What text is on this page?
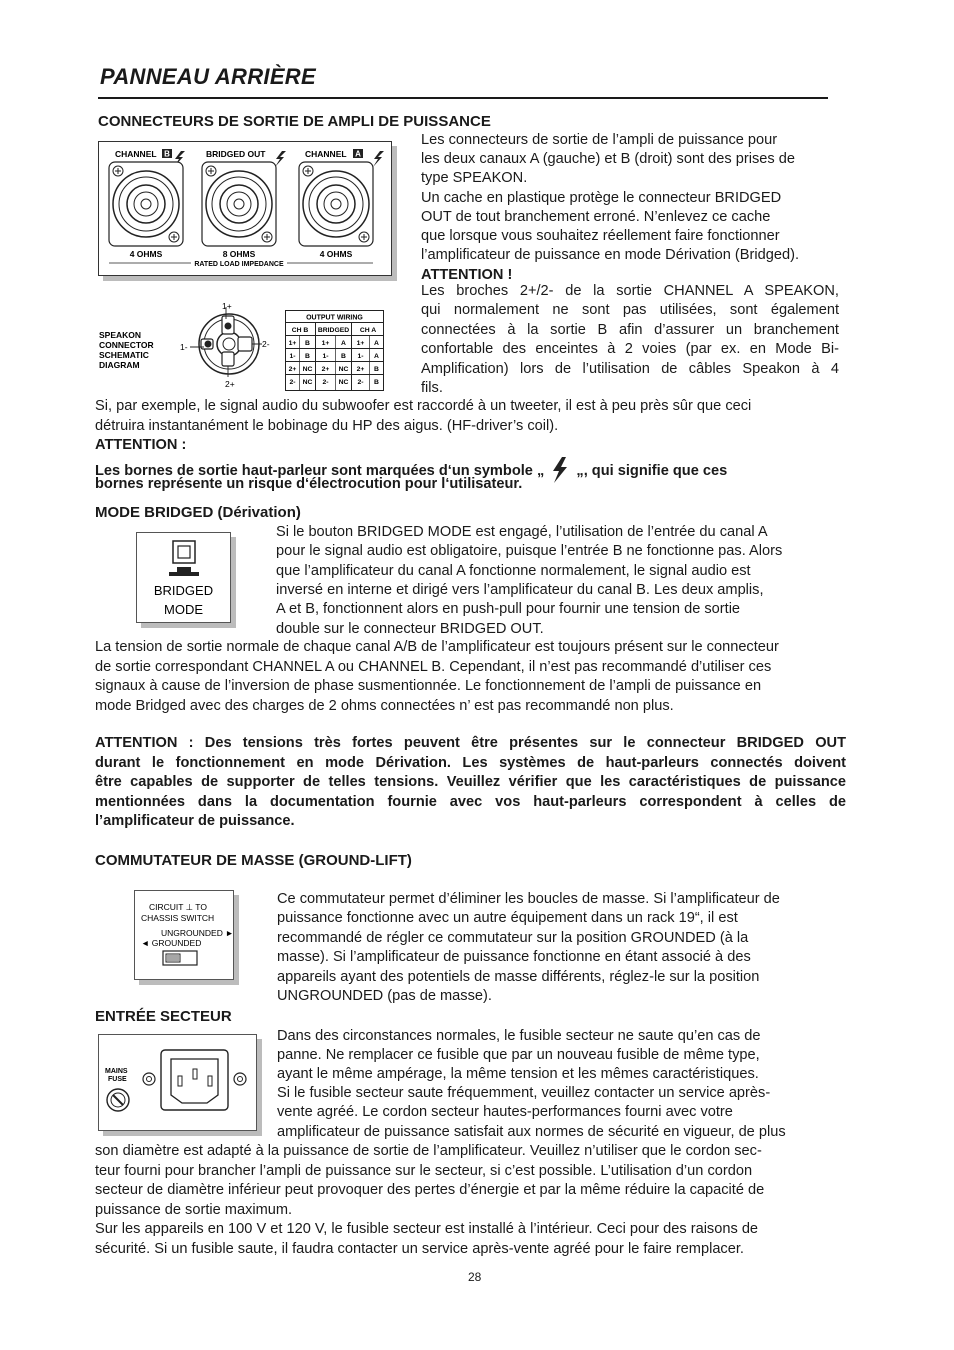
PANNEAU ARRIÈRE
CONNECTEURS DE SORTIE DE AMPLI DE PUISSANCE
CHANNEL B	BRIDGED OUT	CHANNEL A
4 OHMS	8 OHMS	4 OHMS
RATED LOAD IMPEDANCE
SPEAKON
CONNECTOR
SCHEMATIC
DIAGRAM
1+
1-	2-
2+
OUTPUT WIRING
CH B BRIDGED CH A
1+ B 1+ A 1+ A
1- B 1- B 1- A
2+ NC 2+ NC 2+ B
2- NC 2- NC 2- B
Les connecteurs de sortie de l’ampli de puissance pour
les deux canaux A (gauche) et B (droit) sont des prises de
type SPEAKON.
Un cache en plastique protège le connecteur BRIDGED
OUT de tout branchement erroné. N’enlevez ce cache
que lorsque vous souhaitez réellement faire fonctionner
l’amplificateur de puissance en mode Dérivation (Bridged).
ATTENTION !
Les broches 2+/2- de la sortie CHANNEL A SPEAKON,
qui normalement ne sont pas utilisées, sont également
connectées à la sortie B afin d’assurer un branchement
confortable des enceintes à 2 voies (par ex. en Mode Bi-
Amplification) lors de l’utilisation de câbles Speakon à 4
fils.
Si, par exemple, le signal audio du subwoofer est raccordé à un tweeter, il est à peu près sûr que ceci
détruira instantanément le bobinage du HP des aigus. (HF-driver’s coil).
ATTENTION :
Les bornes de sortie haut-parleur sont marquées d‘un symbole „ „, qui signifie que ces
bornes représente un risque d‘électrocution pour l‘utilisateur.
MODE BRIDGED (Dérivation)
BRIDGED
MODE
Si le bouton BRIDGED MODE est engagé, l’utilisation de l’entrée du canal A
pour le signal audio est obligatoire, puisque l’entrée B ne fonctionne pas. Alors
que l’amplificateur du canal A fonctionne normalement, le signal audio est
inversé en interne et dirigé vers l’amplificateur du canal B. Les deux amplis,
A et B, fonctionnent alors en push-pull pour fournir une tension de sortie
double sur le connecteur BRIDGED OUT.
La tension de sortie normale de chaque canal A/B de l’amplificateur est toujours présent sur le connecteur
de sortie correspondant CHANNEL A ou CHANNEL B. Cependant, il n’est pas recommandé d’utiliser ces
signaux à cause de l’inversion de phase susmentionnée. Le fonctionnement de l’ampli de puissance en
mode Bridged avec des charges de 2 ohms connectées n’ est pas recommandé non plus.
ATTENTION : Des tensions très fortes peuvent être présentes sur le connecteur BRIDGED OUT
durant le fonctionnement en mode Dérivation. Les systèmes de haut-parleurs connectés doivent
être capables de supporter de telles tensions. Veuillez vérifier que les caractéristiques de puissance
mentionnées dans la documentation fournie avec vos haut-parleurs correspondent à celles de
l’amplificateur de puissance.
COMMUTATEUR DE MASSE (GROUND-LIFT)
CIRCUIT ⊥ TO
CHASSIS SWITCH
UNGROUNDED ►
◄ GROUNDED
Ce commutateur permet d’éliminer les boucles de masse. Si l’amplificateur de
puissance fonctionne avec un autre équipement dans un rack 19“, il est
recommandé de régler ce commutateur sur la position GROUNDED (à la
masse). Si l’amplificateur de puissance fonctionne en étant associé à des
appareils ayant des potentiels de masse différents, réglez-le sur la position
UNGROUNDED (pas de masse).
ENTRÉE SECTEUR
MAINS
FUSE
Dans des circonstances normales, le fusible secteur ne saute qu’en cas de
panne. Ne remplacer ce fusible que par un nouveau fusible de même type,
ayant le même ampérage, la même tension et les mêmes caractéristiques.
Si le fusible secteur saute fréquemment, veuillez contacter un service après-
vente agréé. Le cordon secteur hautes-performances fourni avec votre
amplificateur de puissance satisfait aux normes de sécurité en vigueur, de plus
son diamètre est adapté à la puissance de sortie de l’amplificateur. Veuillez n’utiliser que le cordon sec-
teur fourni pour brancher l’ampli de puissance sur le secteur, si c’est possible. L’utilisation d’un cordon
secteur de diamètre inférieur peut provoquer des pertes d’énergie et par la même réduire la capacité de
puissance de sortie maximum.
Sur les appareils en 100 V et 120 V, le fusible secteur est installé à l’intérieur. Ceci pour des raisons de
sécurité. Si un fusible saute, il faudra contacter un service après-vente agréé pour le faire remplacer.
28
